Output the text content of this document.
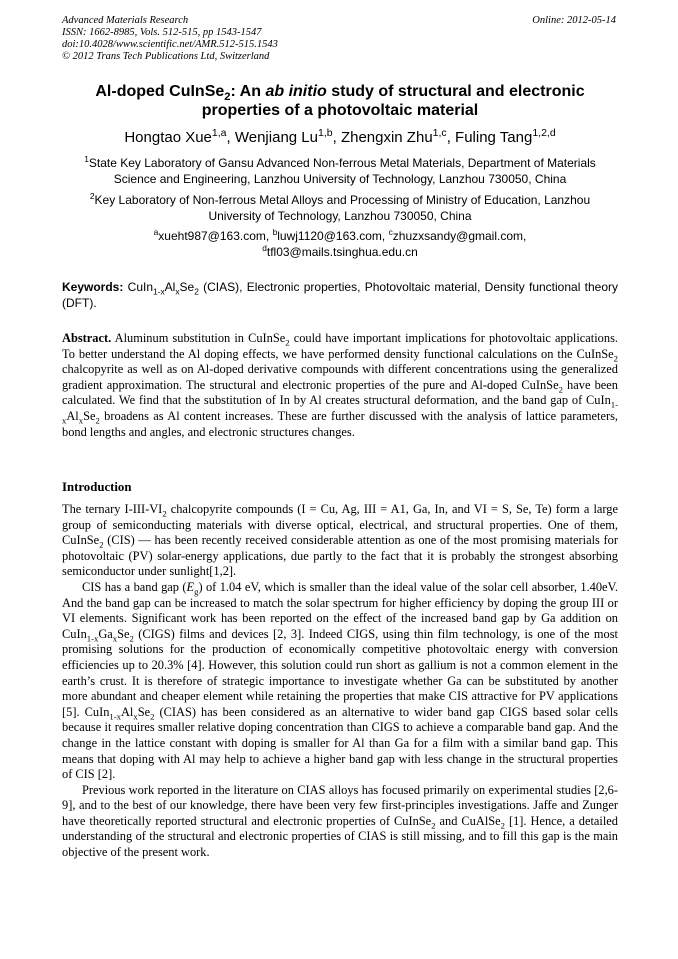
Advanced Materials Research
ISSN: 1662-8985, Vols. 512-515, pp 1543-1547
doi:10.4028/www.scientific.net/AMR.512-515.1543
© 2012 Trans Tech Publications Ltd, Switzerland
Online: 2012-05-14
Al-doped CuInSe$_2$: An ab initio study of structural and electronic
properties of a photovoltaic material
Hongtao Xue$^{1,a}$, Wenjiang Lu$^{1,b}$, Zhengxin Zhu$^{1,c}$, Fuling Tang$^{1,2,d}$
$^1$State Key Laboratory of Gansu Advanced Non-ferrous Metal Materials, Department of Materials
Science and Engineering, Lanzhou University of Technology, Lanzhou 730050, China
$^2$Key Laboratory of Non-ferrous Metal Alloys and Processing of Ministry of Education, Lanzhou
University of Technology, Lanzhou 730050, China
$^a$xueht987@163.com, $^b$luwj1120@163.com, $^c$zhuzxsandy@gmail.com,
$^d$tfl03@mails.tsinghua.edu.cn
Keywords: $CuIn_{1-x}Al_xSe_2$ (CIAS), Electronic properties, Photovoltaic material, Density functional theory (DFT).
Abstract. Aluminum substitution in CuInSe$_2$ could have important implications for photovoltaic applications. To better understand the Al doping effects, we have performed density functional calculations on the CuInSe$_2$ chalcopyrite as well as on Al-doped derivative compounds with different concentrations using the generalized gradient approximation. The structural and electronic properties of the pure and Al-doped CuInSe$_2$ have been calculated. We find that the substitution of In by Al creates structural deformation, and the band gap of $CuIn_{1-x}Al_xSe_2$ broadens as Al content increases. These are further discussed with the analysis of lattice parameters, bond lengths and angles, and electronic structures changes.
Introduction

The ternary $I-III-VI_2$ chalcopyrite compounds (I = Cu, Ag, III = A1, Ga, In, and VI = S, Se, Te) form a large group of semiconducting materials with diverse optical, electrical, and structural properties. One of them, CuInSe$_2$ (CIS) — has been recently received considerable attention as one of the most promising materials for photovoltaic (PV) solar-energy applications, due partly to the fact that it is probably the strongest absorbing semiconductor under sunlight[1,2].

CIS has a band gap $(E_g)$ of 1.04 eV, which is smaller than the ideal value of the solar cell absorber, 1.40eV. And the band gap can be increased to match the solar spectrum for higher efficiency by doping the group III or VI elements. Significant work has been reported on the effect of the increased band gap by Ga addition on $CuIn_{1-x}Ga_xSe_2$ (CIGS) films and devices [2, 3]. Indeed CIGS, using thin film technology, is one of the most promising solutions for the production of economically competitive photovoltaic energy with conversion efficiencies up to 20.3% [4]. However, this solution could run short as gallium is not a common element in the earth’s crust. It is therefore of strategic importance to investigate whether Ga can be substituted by another more abundant and cheaper element while retaining the properties that make CIS attractive for PV applications [5]. $CuIn_{1-x}Al_xSe_2$ (CIAS) has been considered as an alternative to wider band gap CIGS based solar cells because it requires smaller relative doping concentration than CIGS to achieve a comparable band gap. And the change in the lattice constant with doping is smaller for Al than Ga for a film with a similar band gap. This means that doping with Al may help to achieve a higher band gap with less change in the structural properties of CIS [2].

Previous work reported in the literature on CIAS alloys has focused primarily on experimental studies [2,6-9], and to the best of our knowledge, there have been very few first-principles investigations. Jaffe and Zunger have theoretically reported structural and electronic properties of CuInSe$_2$ and CuAlSe$_2$ [1]. Hence, a detailed understanding of the structural and electronic properties of CIAS is still missing, and to fill this gap is the main objective of the present work.
